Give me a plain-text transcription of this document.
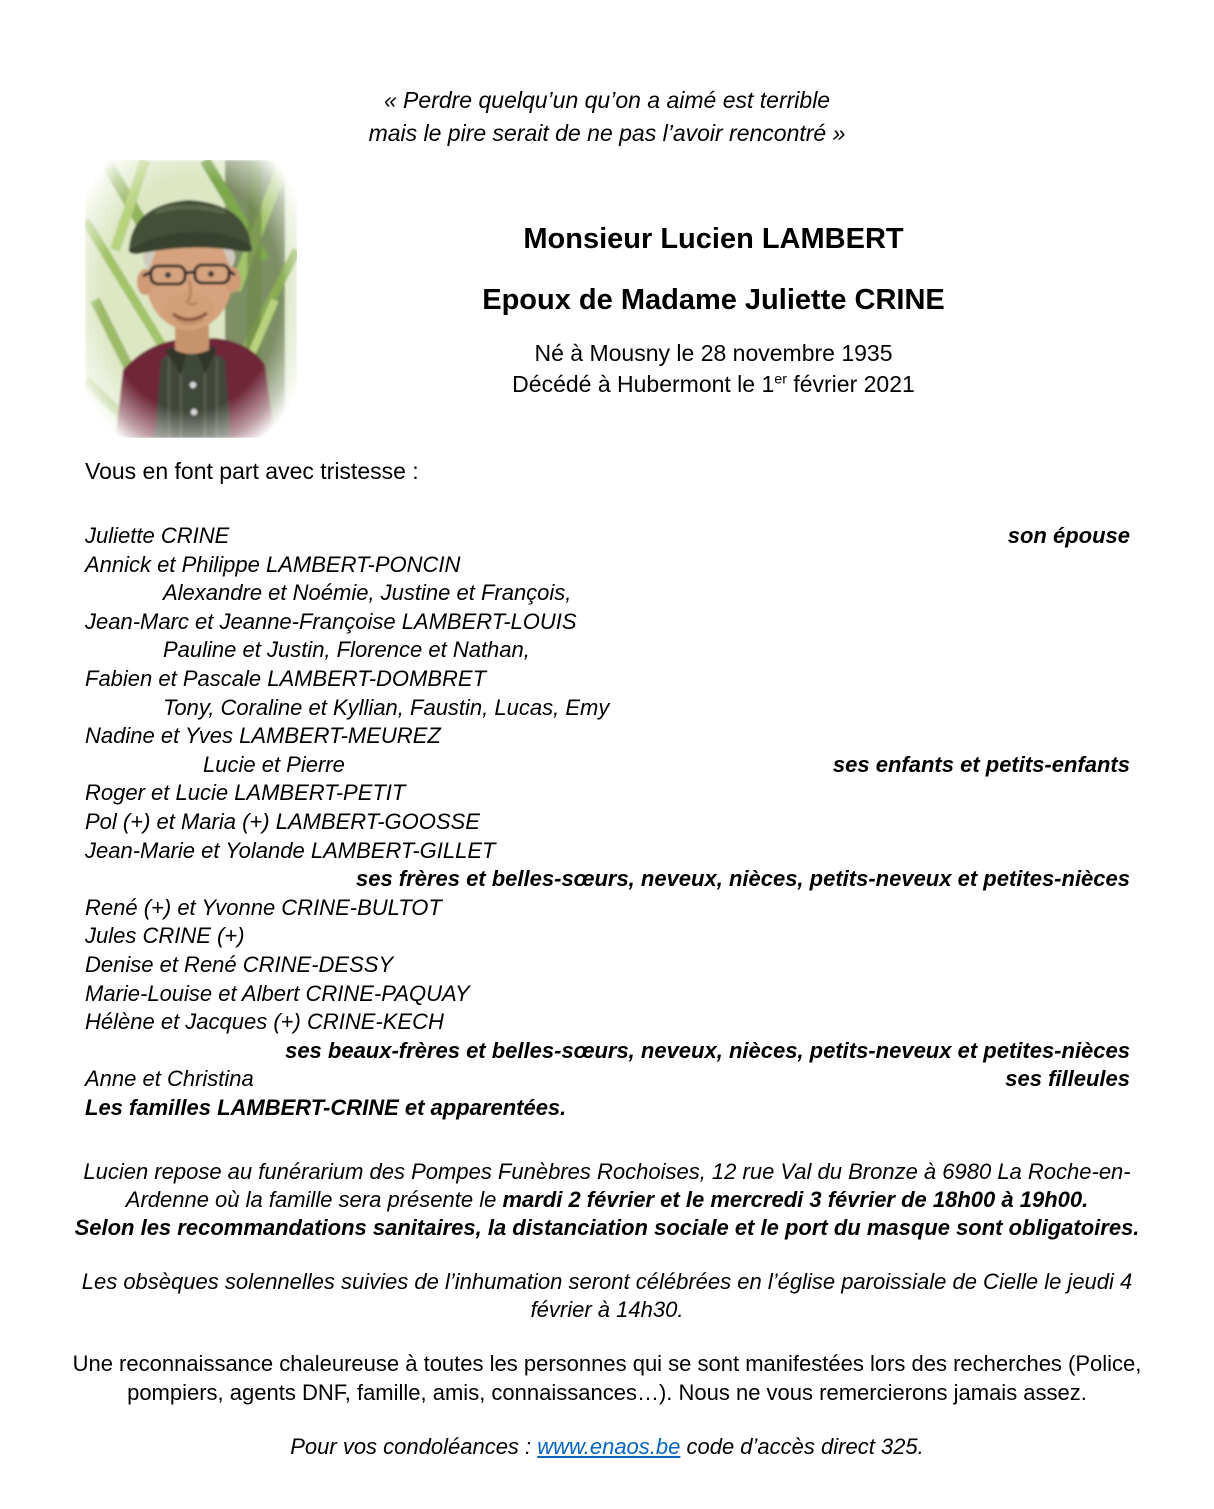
« Perdre quelqu’un qu’on a aimé est terrible
mais le pire serait de ne pas l’avoir rencontré »
Monsieur Lucien LAMBERT
Epoux de Madame Juliette CRINE

Né à Mousny le 28 novembre 1935

Décédé à Hubermont le 1er février 2021

Vous en font part avec tristesse :

Juliette CRINE	son épouse
Annick et Philippe LAMBERT-PONCIN
Alexandre et Noémie, Justine et François,
Jean-Marc et Jeanne-Françoise LAMBERT-LOUIS
Pauline et Justin, Florence et Nathan,
Fabien et Pascale LAMBERT-DOMBRET
Tony, Coraline et Kyllian, Faustin, Lucas, Emy
Nadine et Yves LAMBERT-MEUREZ
Lucie et Pierre	ses enfants et petits-enfants
Roger et Lucie LAMBERT-PETIT
Pol (+) et Maria (+) LAMBERT-GOOSSE
Jean-Marie et Yolande LAMBERT-GILLET
ses frères et belles-sœurs, neveux, nièces, petits-neveux et petites-nièces
René (+) et Yvonne CRINE-BULTOT
Jules CRINE (+)
Denise et René CRINE-DESSY
Marie-Louise et Albert CRINE-PAQUAY
Hélène et Jacques (+) CRINE-KECH
ses beaux-frères et belles-sœurs, neveux, nièces, petits-neveux et petites-nièces
Anne et Christina	ses filleules
Les familles LAMBERT-CRINE et apparentées.
Lucien repose au funérarium des Pompes Funèbres Rochoises, 12 rue Val du Bronze à 6980 La Roche-en-Ardenne où la famille sera présente le mardi 2 février et le mercredi 3 février de 18h00 à 19h00.
Selon les recommandations sanitaires, la distanciation sociale et le port du masque sont obligatoires.
Les obsèques solennelles suivies de l’inhumation seront célébrées en l’église paroissiale de Cielle le jeudi 4 février à 14h30.
Une reconnaissance chaleureuse à toutes les personnes qui se sont manifestées lors des recherches (Police, pompiers, agents DNF, famille, amis, connaissances…). Nous ne vous remercierons jamais assez.
Pour vos condoléances : www.enaos.be code d’accès direct 325.
